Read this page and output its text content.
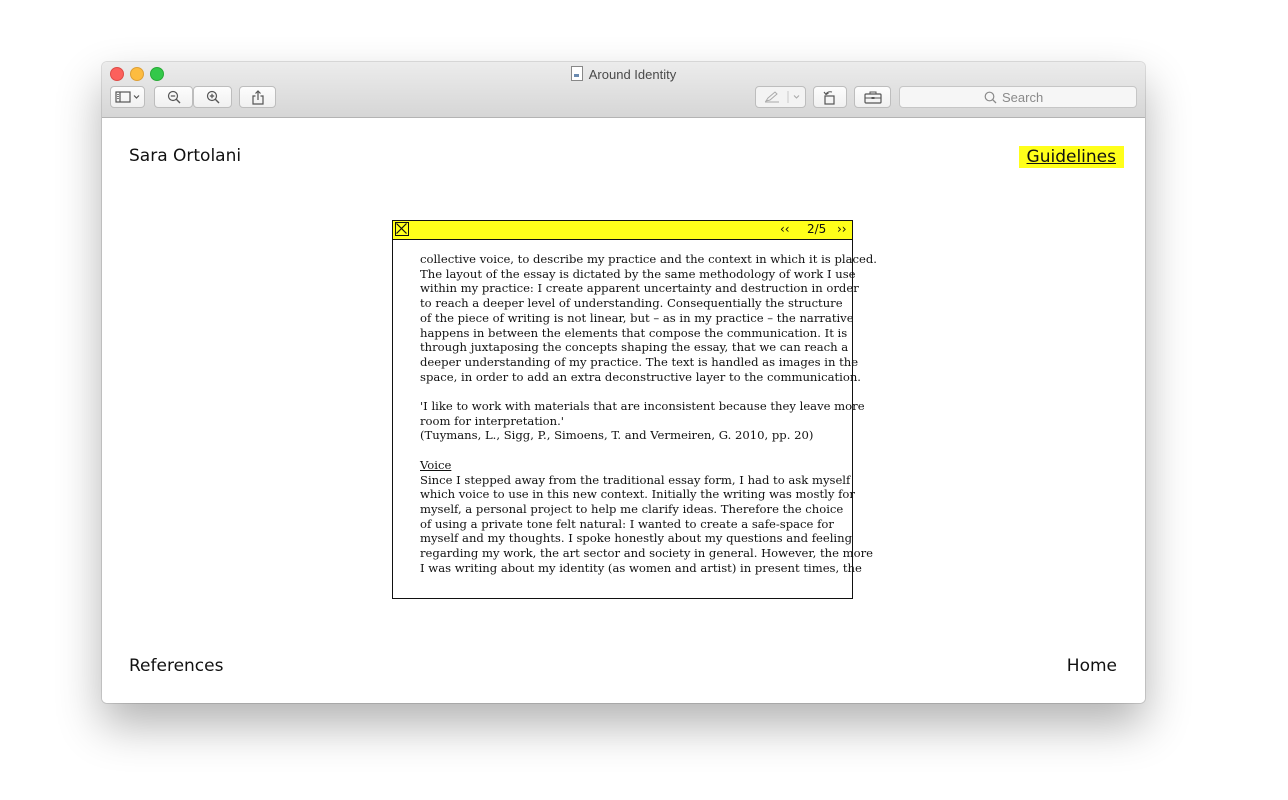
Around Identity
Search
Sara Ortolani	Guidelines
References	Home
‹‹ 2/5 ››

collective voice, to describe my practice and the context in which it is placed.

The layout of the essay is dictated by the same methodology of work I use

within my practice: I create apparent uncertainty and destruction in order

to reach a deeper level of understanding. Consequentially the structure

of the piece of writing is not linear, but – as in my practice – the narrative

happens in between the elements that compose the communication. It is

through juxtaposing the concepts shaping the essay, that we can reach a

deeper understanding of my practice. The text is handled as images in the

space, in order to add an extra deconstructive layer to the communication.

'I like to work with materials that are inconsistent because they leave more

room for interpretation.'

(Tuymans, L., Sigg, P., Simoens, T. and Vermeiren, G. 2010, pp. 20)

Voice

Since I stepped away from the traditional essay form, I had to ask myself

which voice to use in this new context. Initially the writing was mostly for

myself, a personal project to help me clarify ideas. Therefore the choice

of using a private tone felt natural: I wanted to create a safe-space for

myself and my thoughts. I spoke honestly about my questions and feeling

regarding my work, the art sector and society in general. However, the more

I was writing about my identity (as women and artist) in present times, the
